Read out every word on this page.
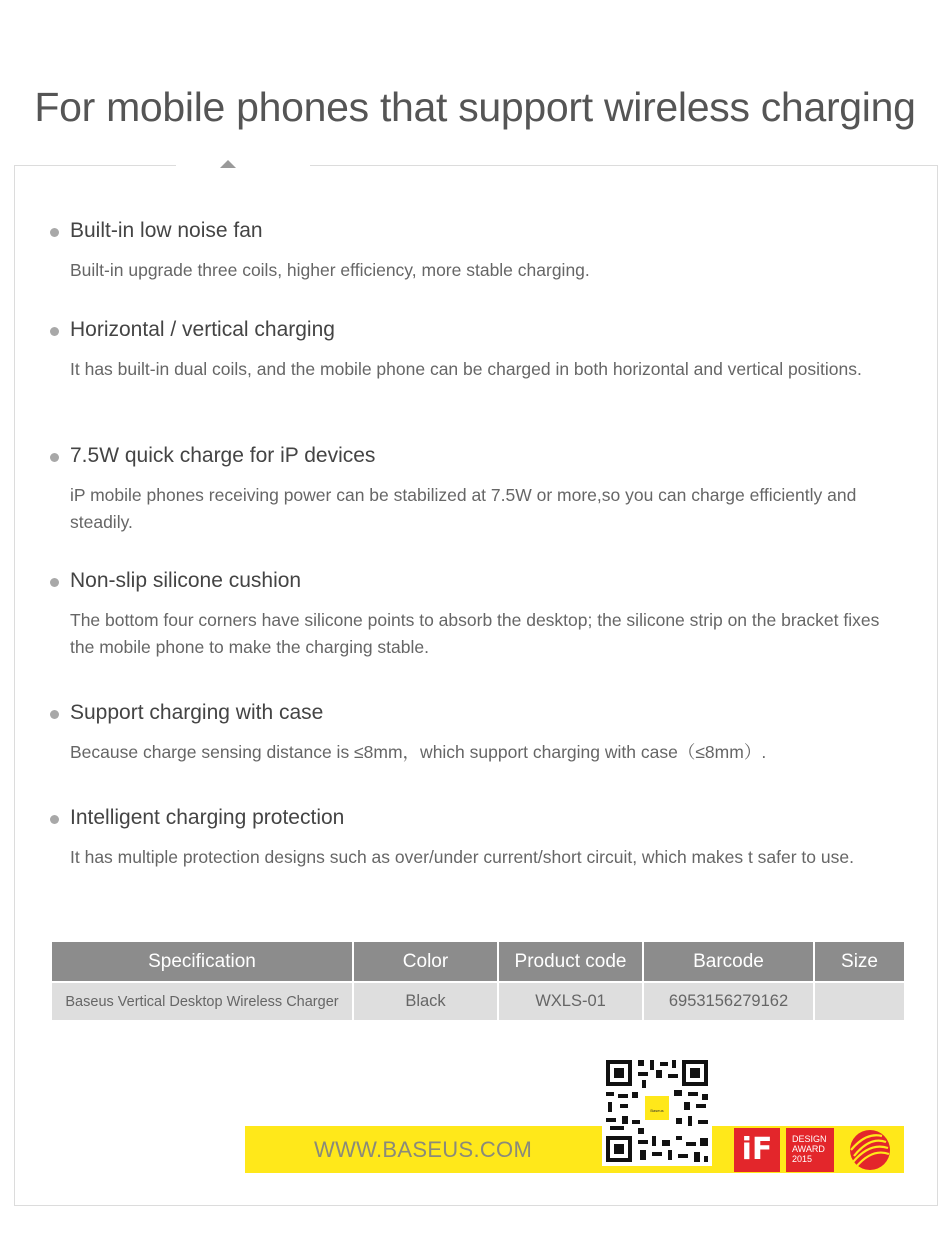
For mobile phones that support wireless charging
Built-in low noise fan
Built-in upgrade three coils, higher efficiency, more stable charging.
Horizontal / vertical charging
It has built-in dual coils, and the mobile phone can be charged in both horizontal and vertical positions.
7.5W quick charge for iP devices
iP mobile phones receiving power can be stabilized at 7.5W or more,so you can charge efficiently and steadily.
Non-slip silicone cushion
The bottom four corners have silicone points to absorb the desktop; the silicone strip on the bracket fixes the mobile phone to make the charging stable.
Support charging with case
Because charge sensing distance is ≤8mm，which support charging with case（≤8mm）.
Intelligent charging protection
It has multiple protection designs such as over/under current/short circuit, which makes t safer to use.
Specification	Color	Product code	Barcode	Size
Baseus Vertical Desktop Wireless Charger	Black	WXLS-01	6953156279162	
WWW.BASEUS.COM
Baseus
iF	DESIGN
AWARD
2015
